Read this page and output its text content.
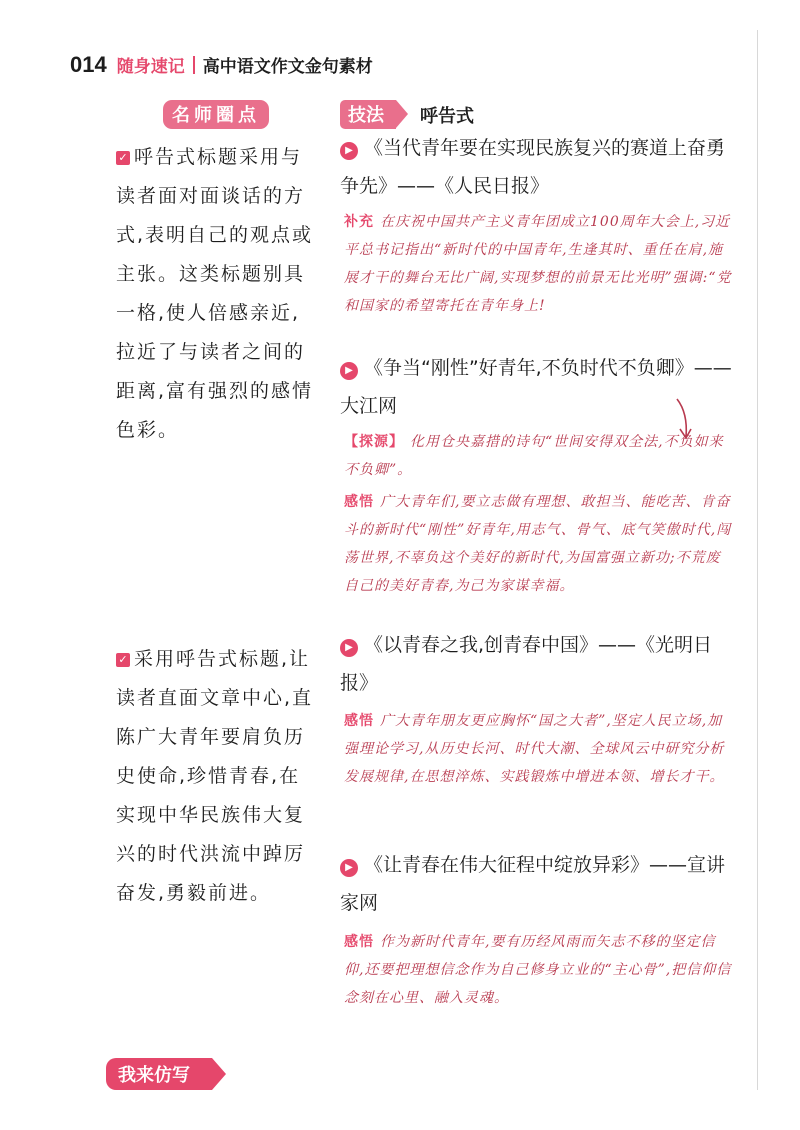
014 随身速记 高中语文作文金句素材
名师圈点	技法	呼告式
✓ 呼告式标题采用与读者面对面谈话的方式,表明自己的观点或主张。这类标题别具一格,使人倍感亲近,拉近了与读者之间的距离,富有强烈的感情色彩。
✓ 采用呼告式标题,让读者直面文章中心,直陈广大青年要肩负历史使命,珍惜青春,在实现中华民族伟大复兴的时代洪流中踔厉奋发,勇毅前进。
▶ 《当代青年要在实现民族复兴的赛道上奋勇争先》——《人民日报》
补充 在庆祝中国共产主义青年团成立100周年大会上,习近平总书记指出“新时代的中国青年,生逢其时、重任在肩,施展才干的舞台无比广阔,实现梦想的前景无比光明”强调:“党和国家的希望寄托在青年身上!
▶ 《争当“刚性”好青年,不负时代不负卿》——大江网
【探源】 化用仓央嘉措的诗句“世间安得双全法,不负如来不负卿”。
感悟 广大青年们,要立志做有理想、敢担当、能吃苦、肯奋斗的新时代“刚性”好青年,用志气、骨气、底气笑傲时代,闯荡世界,不辜负这个美好的新时代,为国富强立新功;不荒废自己的美好青春,为己为家谋幸福。
▶ 《以青春之我,创青春中国》——《光明日报》
感悟 广大青年朋友更应胸怀“国之大者”,坚定人民立场,加强理论学习,从历史长河、时代大潮、全球风云中研究分析发展规律,在思想淬炼、实践锻炼中增进本领、增长才干。
▶ 《让青春在伟大征程中绽放异彩》——宣讲家网
感悟 作为新时代青年,要有历经风雨而矢志不移的坚定信仰,还要把理想信念作为自己修身立业的“主心骨”,把信仰信念刻在心里、融入灵魂。
我来仿写
